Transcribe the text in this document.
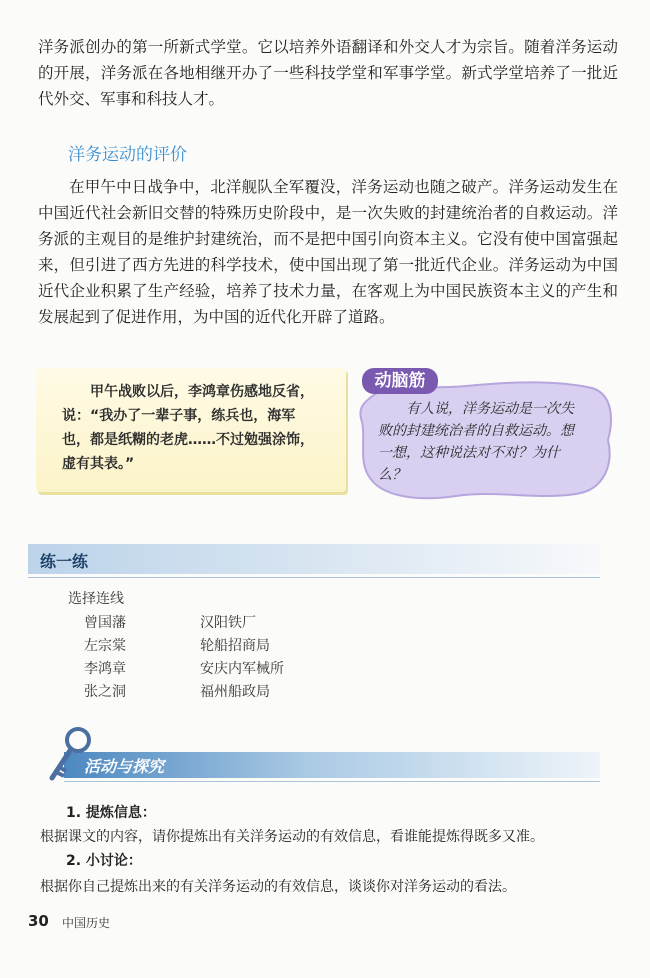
洋务派创办的第一所新式学堂。它以培养外语翻译和外交人才为宗旨。随着洋务运动的开展，洋务派在各地相继开办了一些科技学堂和军事学堂。新式学堂培养了一批近代外交、军事和科技人才。

洋务运动的评价

在甲午中日战争中，北洋舰队全军覆没，洋务运动也随之破产。洋务运动发生在中国近代社会新旧交替的特殊历史阶段中，是一次失败的封建统治者的自救运动。洋务派的主观目的是维护封建统治，而不是把中国引向资本主义。它没有使中国富强起来，但引进了西方先进的科学技术，使中国出现了第一批近代企业。洋务运动为中国近代企业积累了生产经验，培养了技术力量，在客观上为中国民族资本主义的产生和发展起到了促进作用，为中国的近代化开辟了道路。

甲午战败以后，李鸿章伤感地反省，说：“我办了一辈子事，练兵也，海军也，都是纸糊的老虎……不过勉强涂饰，虚有其表。”

动脑筋

有人说，洋务运动是一次失败的封建统治者的自救运动。想一想，这种说法对不对？为什么？

练一练
选择连线
曾国藩
左宗棠
李鸿章
张之洞
汉阳铁厂
轮船招商局
安庆内军械所
福州船政局
活动与探究
1. 提炼信息：
根据课文的内容，请你提炼出有关洋务运动的有效信息，看谁能提炼得既多又准。
2. 小讨论：
根据你自己提炼出来的有关洋务运动的有效信息，谈谈你对洋务运动的看法。
30 中国历史
